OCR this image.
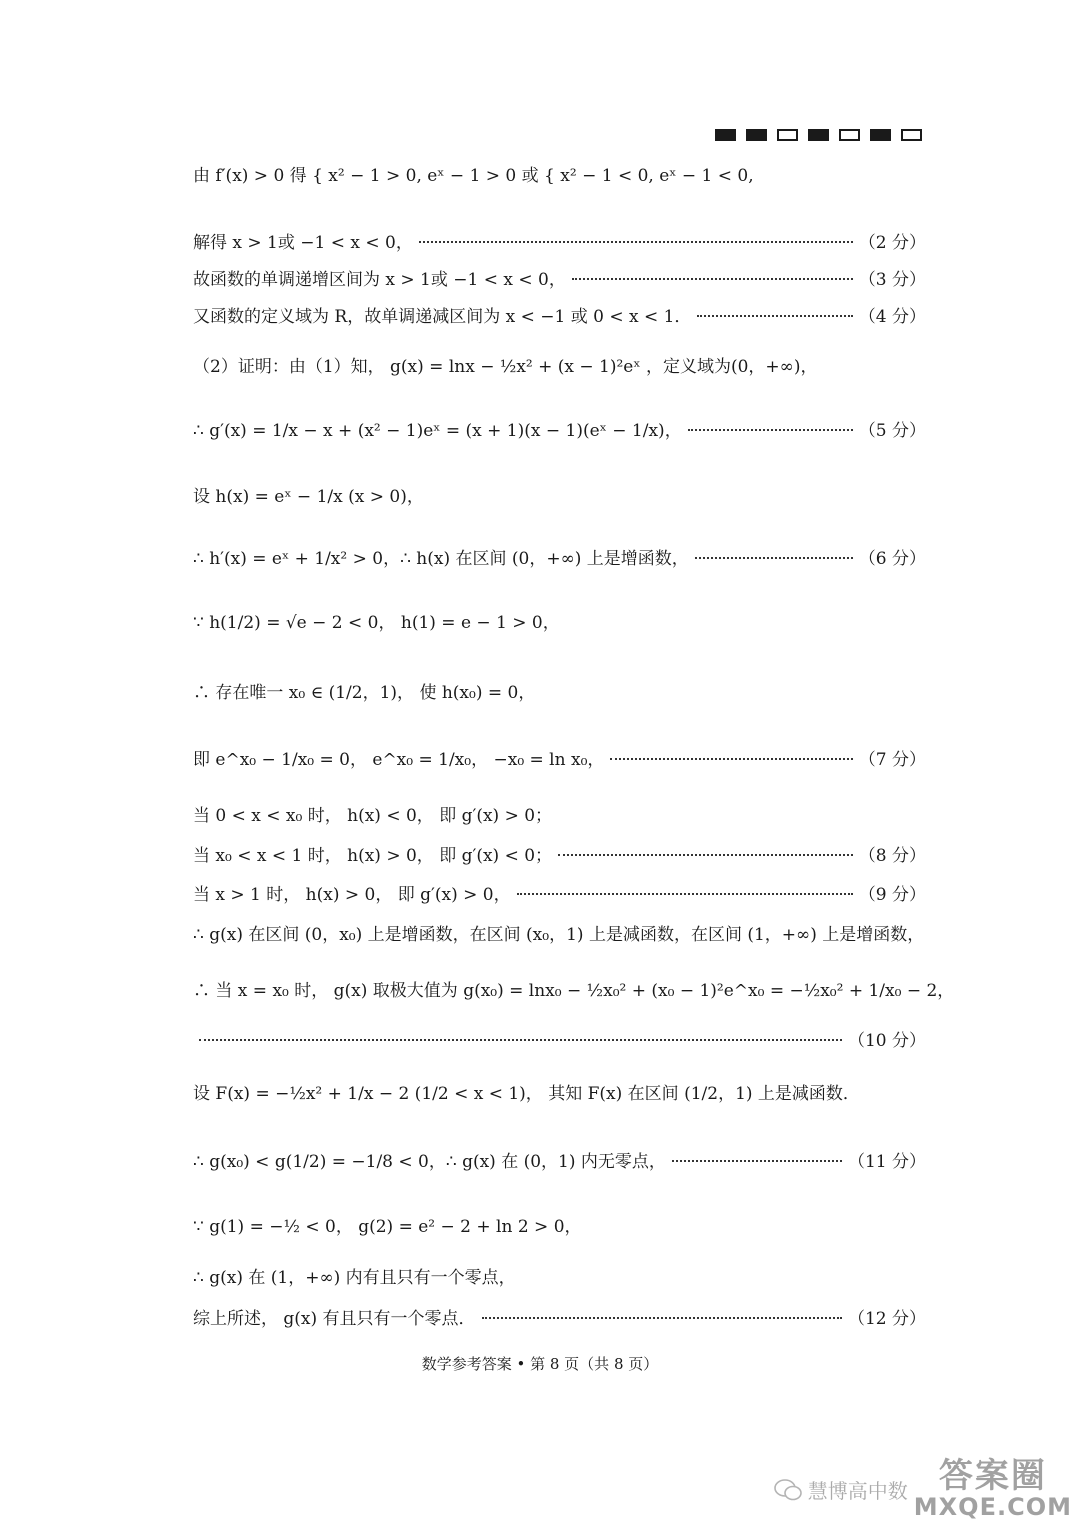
由 f′(x) > 0 得 { x² − 1 > 0, eˣ − 1 > 0 或 { x² − 1 < 0, eˣ − 1 < 0,
解得 x > 1或 −1 < x < 0，	（2 分）
故函数的单调递增区间为 x > 1或 −1 < x < 0，	（3 分）
又函数的定义域为 R，故单调递减区间为 x < −1 或 0 < x < 1．	（4 分）
（2）证明：由（1）知， g(x) = lnx − ½x² + (x − 1)²eˣ ，定义域为(0，+∞)，
∴ g′(x) = 1/x − x + (x² − 1)eˣ = (x + 1)(x − 1)(eˣ − 1/x)，	（5 分）
设 h(x) = eˣ − 1/x (x > 0)，
∴ h′(x) = eˣ + 1/x² > 0，∴ h(x) 在区间 (0，+∞) 上是增函数，	（6 分）
∵ h(1/2) = √e − 2 < 0， h(1) = e − 1 > 0，
∴ 存在唯一 x₀ ∈ (1/2，1)， 使 h(x₀) = 0，
即 e^x₀ − 1/x₀ = 0， e^x₀ = 1/x₀， −x₀ = ln x₀，	（7 分）
当 0 < x < x₀ 时， h(x) < 0， 即 g′(x) > 0；
当 x₀ < x < 1 时， h(x) > 0， 即 g′(x) < 0；	（8 分）
当 x > 1 时， h(x) > 0， 即 g′(x) > 0，	（9 分）
∴ g(x) 在区间 (0，x₀) 上是增函数，在区间 (x₀，1) 上是减函数，在区间 (1，+∞) 上是增函数，
∴ 当 x = x₀ 时， g(x) 取极大值为 g(x₀) = lnx₀ − ½x₀² + (x₀ − 1)²e^x₀ = −½x₀² + 1/x₀ − 2，
（10 分）
设 F(x) = −½x² + 1/x − 2 (1/2 < x < 1)， 其知 F(x) 在区间 (1/2，1) 上是减函数．
∴ g(x₀) < g(1/2) = −1/8 < 0，∴ g(x) 在 (0，1) 内无零点，	（11 分）
∵ g(1) = −½ < 0， g(2) = e² − 2 + ln 2 > 0，
∴ g(x) 在 (1，+∞) 内有且只有一个零点，
综上所述， g(x) 有且只有一个零点．	（12 分）
数学参考答案 • 第 8 页（共 8 页）
慧博高中数 答案圈
MXQE.COM
